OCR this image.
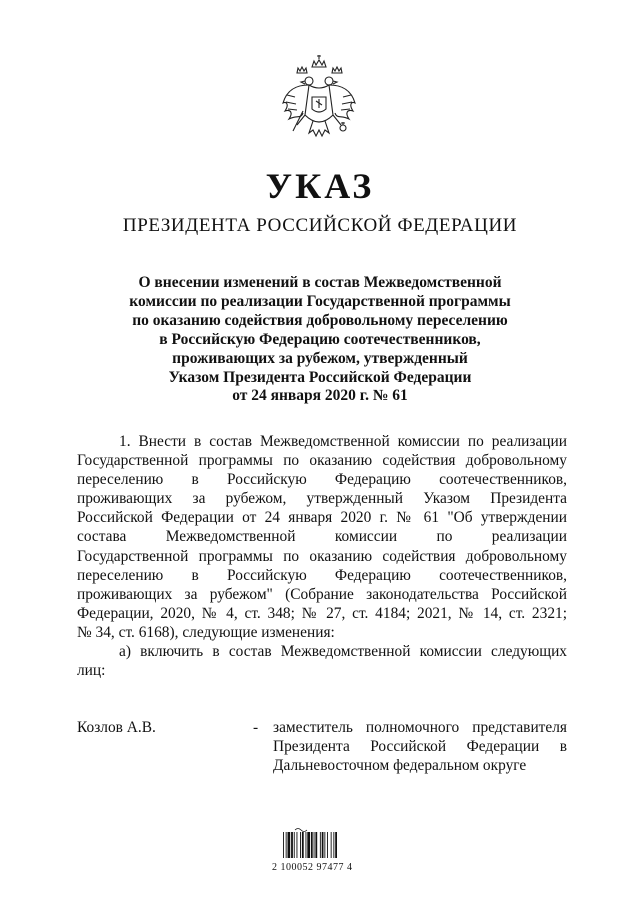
УКАЗ
ПРЕЗИДЕНТА РОССИЙСКОЙ ФЕДЕРАЦИИ
О внесении изменений в состав Межведомственной
комиссии по реализации Государственной программы
по оказанию содействия добровольному переселению
в Российскую Федерацию соотечественников,
проживающих за рубежом, утвержденный
Указом Президента Российской Федерации
от 24 января 2020 г. № 61
1. Внести в состав Межведомственной комиссии по реализации
Государственной программы по оказанию содействия добровольному
переселению в Российскую Федерацию соотечественников,
проживающих за рубежом, утвержденный Указом Президента
Российской Федерации от 24 января 2020 г. № 61 "Об утверждении
состава Межведомственной комиссии по реализации
Государственной программы по оказанию содействия добровольному
переселению в Российскую Федерацию соотечественников,
проживающих за рубежом" (Собрание законодательства Российской
Федерации, 2020, № 4, ст. 348; № 27, ст. 4184; 2021, № 14, ст. 2321;
№ 34, ст. 6168), следующие изменения:
а) включить в состав Межведомственной комиссии следующих
лиц:
Козлов А.В.	- заместитель полномочного представителя Президента Российской Федерации в Дальневосточном федеральном округе
2 100052 97477 4
